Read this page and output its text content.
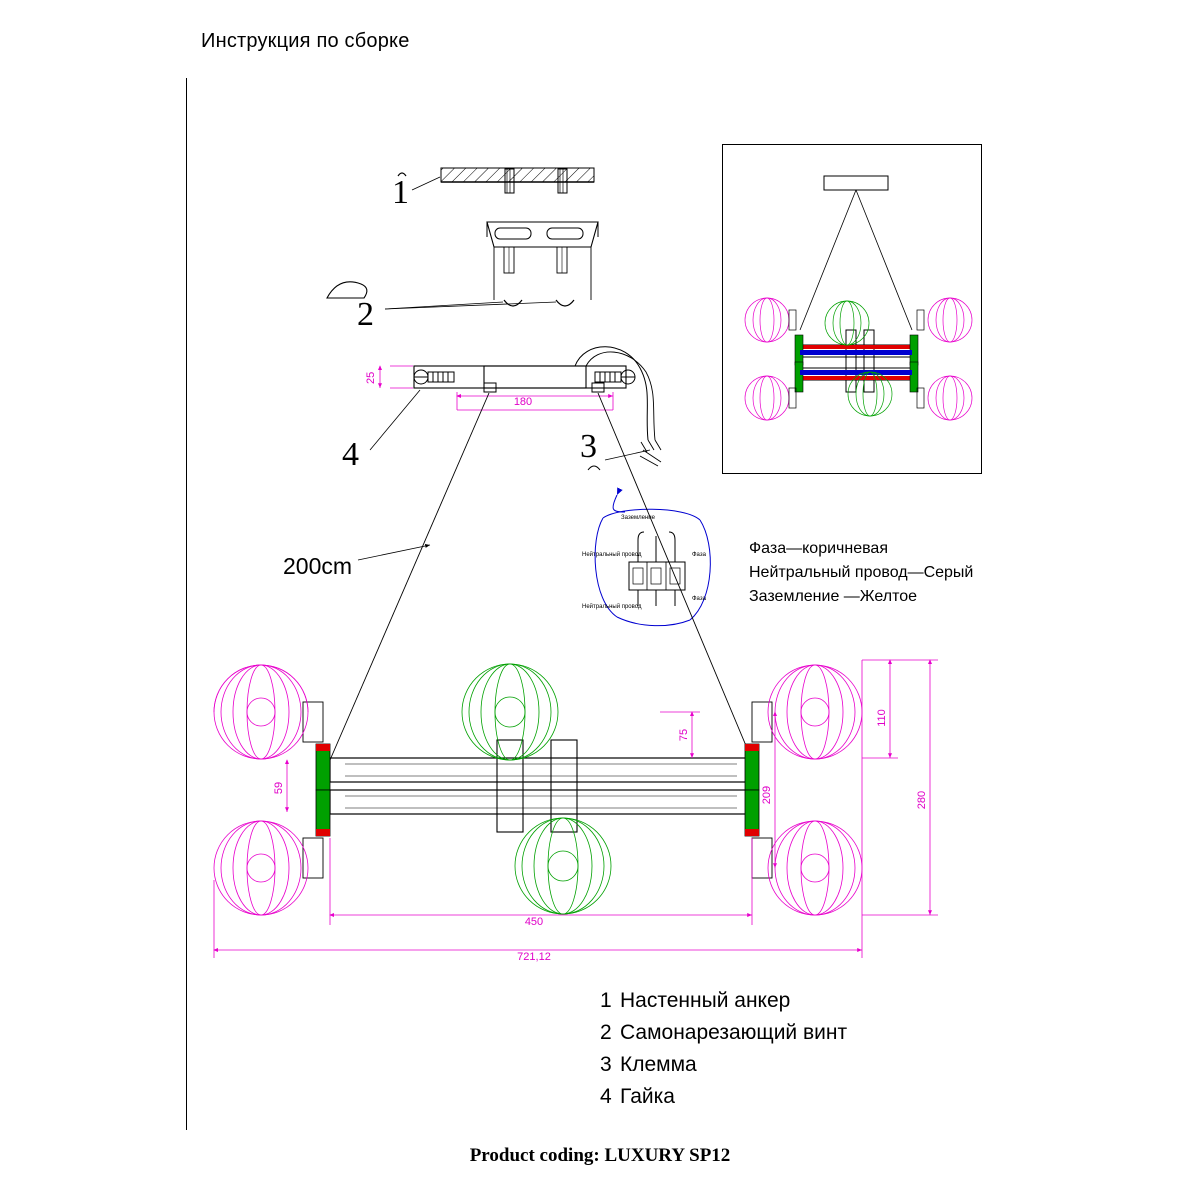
Инструкция по сборке
Фаза—коричневая
Нейтральный провод—Серый
Заземление —Желтое
1 Настенный анкер
2 Самонарезающий винт
3 Клемма
4 Гайка
Product coding: LUXURY SP12
1
2
180
25
4	3
Заземление
Фаза
Фаза
Нейтральный провод
Нейтральный провод
200cm
450
721,12
280
110
209
75
59
